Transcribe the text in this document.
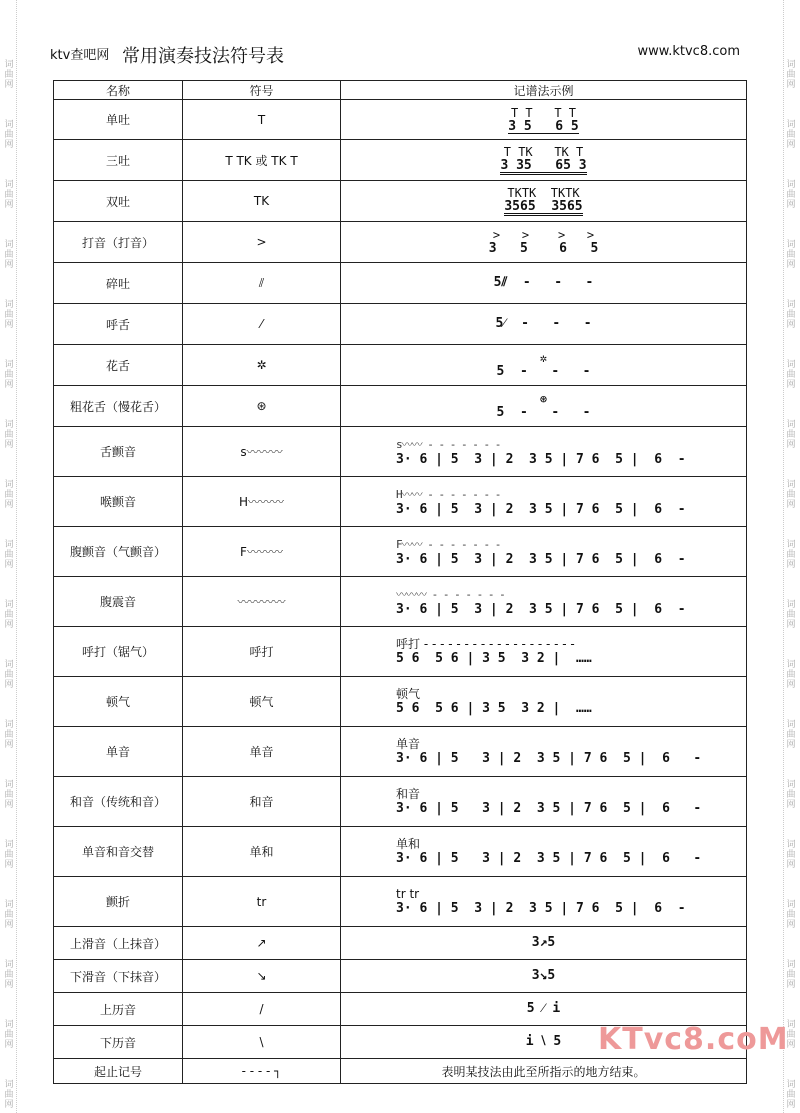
词
曲
网
词
曲
网
词
曲
网
词
曲
网
词
曲
网
词
曲
网
词
曲
网
词
曲
网
词
曲
网
词
曲
网
词
曲
网
词
曲
网
词
曲
网
词
曲
网
词
曲
网
词
曲
网
词
曲
网
词
曲
网
词
曲
网
词
曲
网
词
曲
网
词
曲
网
词
曲
网
词
曲
网
词
曲
网
词
曲
网
词
曲
网
词
曲
网
词
曲
网
词
曲
网
词
曲
网
词
曲
网
词
曲
网
词
曲
网
词
曲
网
词
曲
网
ktv查吧网 常用演奏技法符号表	www.ktvc8.com
名称	符号	记谱法示例
单吐	T	T T   T T
3 5   6 5

三吐	T TK 或 TK T	T TK   TK T
3 35   65 3

双吐	TK	TKTK  TKTK
3565  3565

打音（打音）	>	>   >    >   >
3   5    6   5

碎吐	⫽	5⫽  -   -   -

呼舌	⁄	5⁄  -   -   -

花舌	✲	✲
5  -   -   -

粗花舌（慢花舌）	⊛	⊛
5  -   -   -

舌颤音	s〰〰〰	s〰〰 - - - - - - -
3· 6 | 5  3 | 2  3 5 | 7 6  5 |  6  -

喉颤音	H〰〰〰	H〰〰 - - - - - - -
3· 6 | 5  3 | 2  3 5 | 7 6  5 |  6  -

腹颤音（气颤音）	F〰〰〰	F〰〰 - - - - - - -
3· 6 | 5  3 | 2  3 5 | 7 6  5 |  6  -

腹震音	〰〰〰〰	〰〰〰 - - - - - - -
3· 6 | 5  3 | 2  3 5 | 7 6  5 |  6  -

呼打（锯气）	呼打	呼打 - - - - - - - - - - - - - - - - - - -
5 6  5 6 | 3 5  3 2 |  ……

顿气	顿气	顿气
5 6  5 6 | 3 5  3 2 |  ……

单音	单音	单音
3· 6 | 5   3 | 2  3 5 | 7 6  5 |  6   -

和音（传统和音）	和音	和音
3· 6 | 5   3 | 2  3 5 | 7 6  5 |  6   -

单音和音交替	单和	单和
3· 6 | 5   3 | 2  3 5 | 7 6  5 |  6   -

颤折	tr	tr tr
3· 6 | 5  3 | 2  3 5 | 7 6  5 |  6  -

上滑音（上抹音）	↗	3↗5

下滑音（下抹音）	↘	3↘5

上历音	/	5 ⁄ i

下历音	\	i ⧵ 5

起止记号	- - - - ┐	表明某技法由此至所指示的地方结束。
KTvc8.coM
